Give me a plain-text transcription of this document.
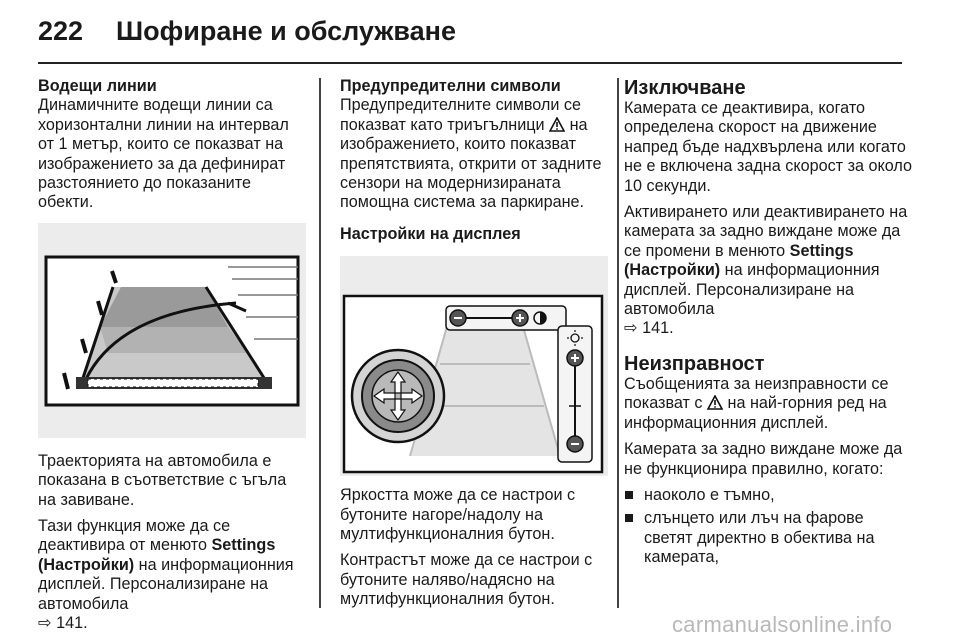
222 Шофиране и обслужване
Водещи линии

Динамичните водещи линии са хоризонтални линии на интервал от 1 метър, които се показват на изображението за да дефинират разстоянието до показаните обекти.

Траекторията на автомобила е показана в съответствие с ъгъла на завиване.

Тази функция може да се деактивира от менюто Settings (Настройки) на информационния дисплей. Персонализиране на автомобила
⇨ 141.

Предупредителни символи

Предупредителните символи се показват като триъгълници  на изображението, които показват препятствията, открити от задните сензори на модернизираната помощна система за паркиране.

Настройки на дисплея

Яркостта може да се настрои с бутоните нагоре/надолу на мултифункционалния бутон.

Контрастът може да се настрои с бутоните наляво/надясно на мултифункционалния бутон.

Изключване

Камерата се деактивира, когато определена скорост на движение напред бъде надхвърлена или когато не е включена задна скорост за около 10 секунди.

Активирането или деактивирането на камерата за задно виждане може да се промени в менюто Settings (Настройки) на информационния дисплей. Персонализиране на автомобила
⇨ 141.

Неизправност

Съобщенията за неизправности се показват с  на най-горния ред на информационния дисплей.

Камерата за задно виждане може да не функционира правилно, когато:

наоколо е тъмно,
слънцето или лъч на фарове светят директно в обектива на камерата,
carmanualsonline.info
